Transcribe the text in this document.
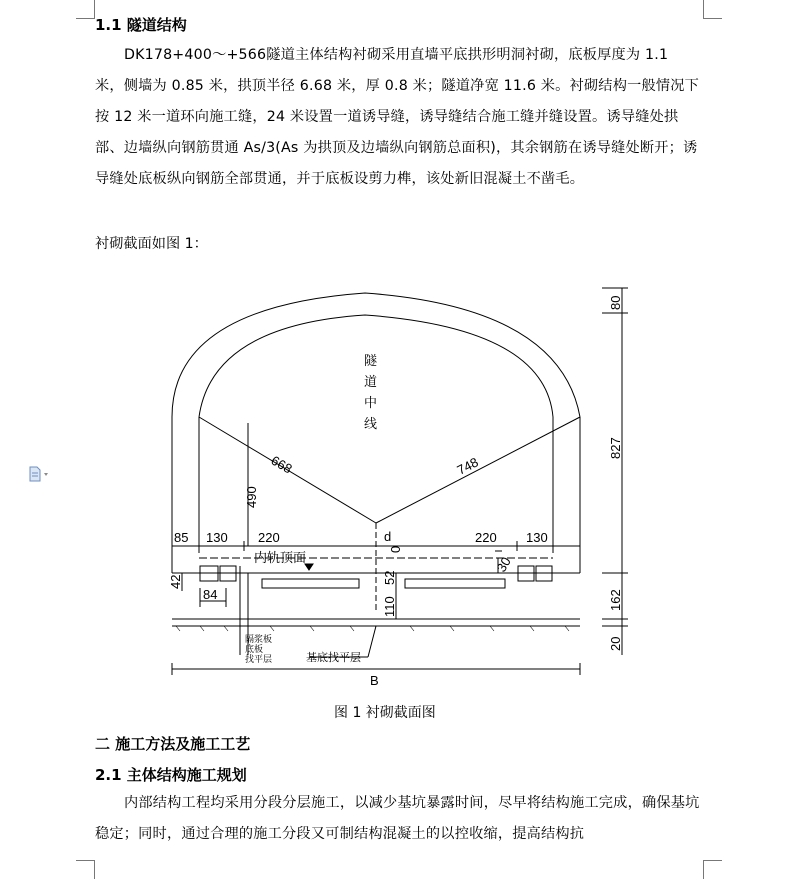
1.1 隧道结构
DK178+400～+566隧道主体结构衬砌采用直墙平底拱形明洞衬砌，底板厚度为 1.1 米，侧墙为 0.85 米，拱顶半径 6.68 米，厚 0.8 米；隧道净宽 11.6 米。衬砌结构一般情况下按 12 米一道环向施工缝，24 米设置一道诱导缝，诱导缝结合施工缝并缝设置。诱导缝处拱部、边墙纵向钢筋贯通 As/3(As 为拱顶及边墙纵向钢筋总面积)，其余钢筋在诱导缝处断开；诱导缝处底板纵向钢筋全部贯通，并于底板设剪力榫，该处新旧混凝土不凿毛。
衬砌截面如图 1：
隧道中线
668	748
490
80
827
162
20
85 130 220	220 130
d
0
内轨顶面
42
84
110
52
30
基底找平层
B
隔浆板
底板
找平层
图 1 衬砌截面图
二 施工方法及施工工艺
2.1 主体结构施工规划
内部结构工程均采用分段分层施工，以减少基坑暴露时间，尽早将结构施工完成，确保基坑稳定；同时，通过合理的施工分段又可制结构混凝土的以控收缩，提高结构抗
